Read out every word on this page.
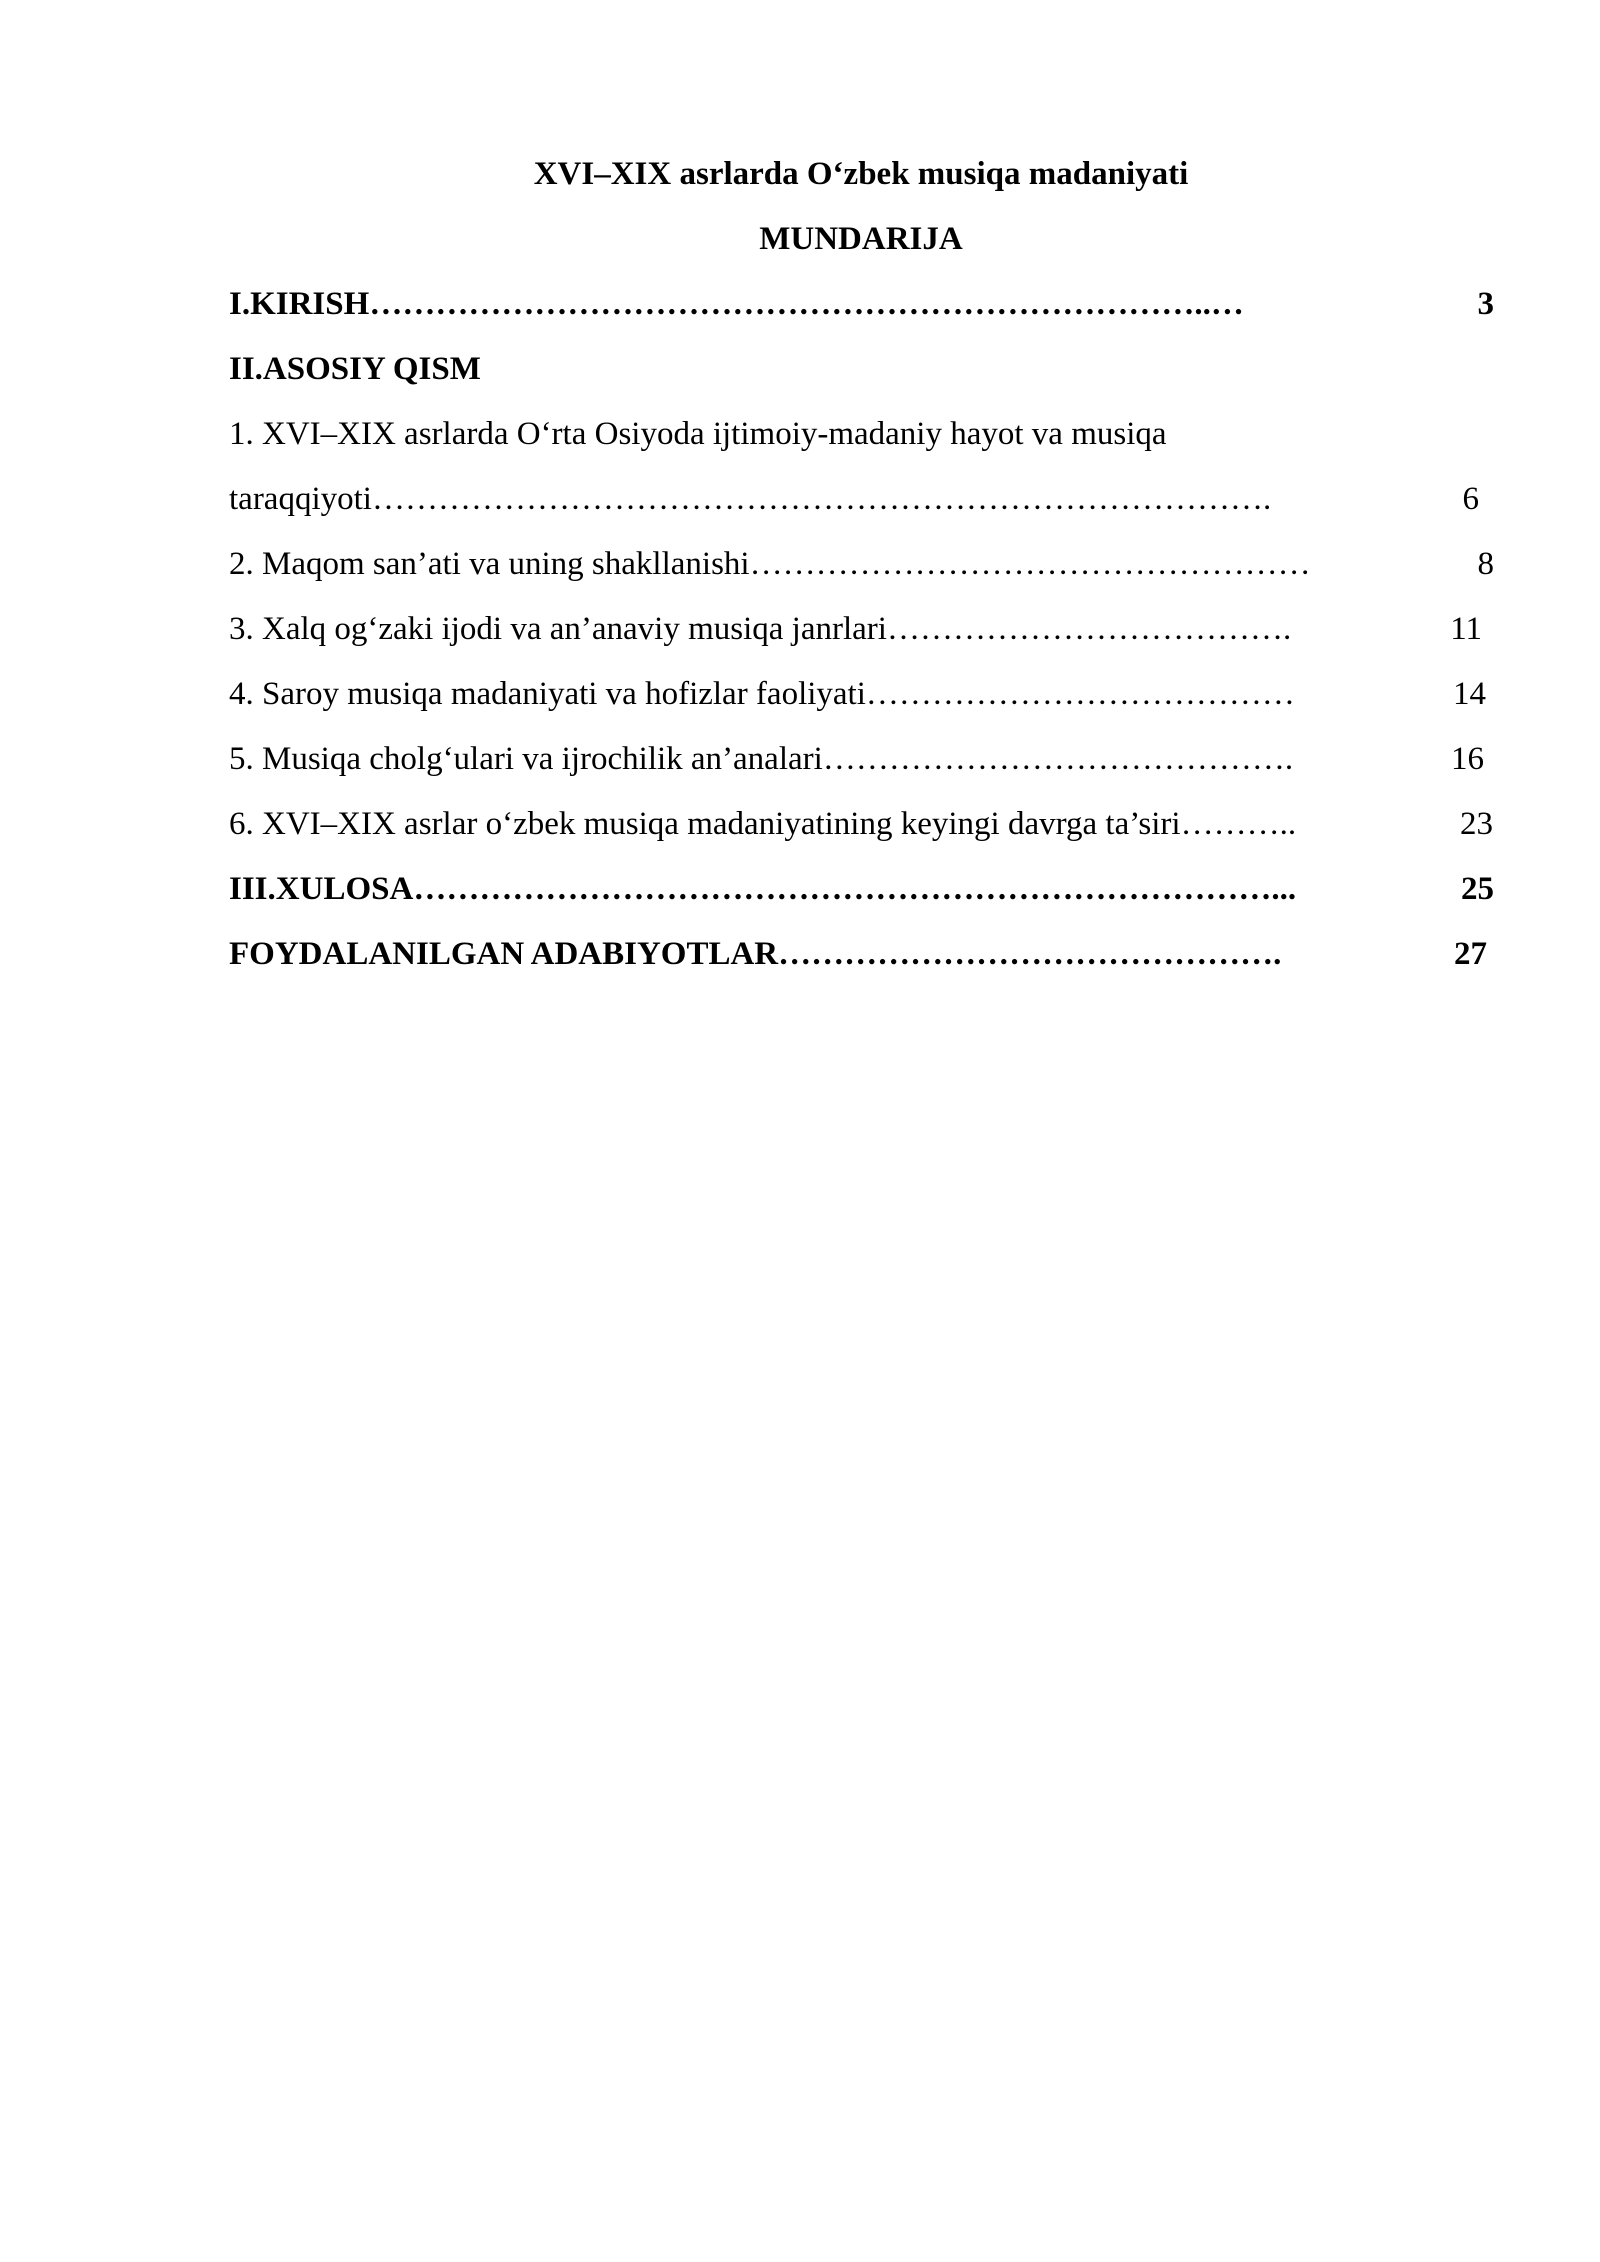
XVI–XIX asrlarda O‘zbek musiqa madaniyati
MUNDARIJA
I.KIRISH …………………………………………………………………..…	3
II.ASOSIY QISM
1. XVI–XIX asrlarda O‘rta Osiyoda ijtimoiy-madaniy hayot va musiqa
taraqqiyoti ……………………………………………………………………….	6
2. Maqom san’ati va uning shakllanishi ……………………………………………	8
3. Xalq og‘zaki ijodi va an’anaviy musiqa janrlari ……………………………….	11
4. Saroy musiqa madaniyati va hofizlar faoliyati …………………………………	14
5. Musiqa cholg‘ulari va ijrochilik an’analari …………………………………….	16
6. XVI–XIX asrlar o‘zbek musiqa madaniyatining keyingi davrga ta’siri ………..	23
III.XULOSA ……………………………………………………………………...	25
FOYDALANILGAN ADABIYOTLAR ……………………………………….	27
